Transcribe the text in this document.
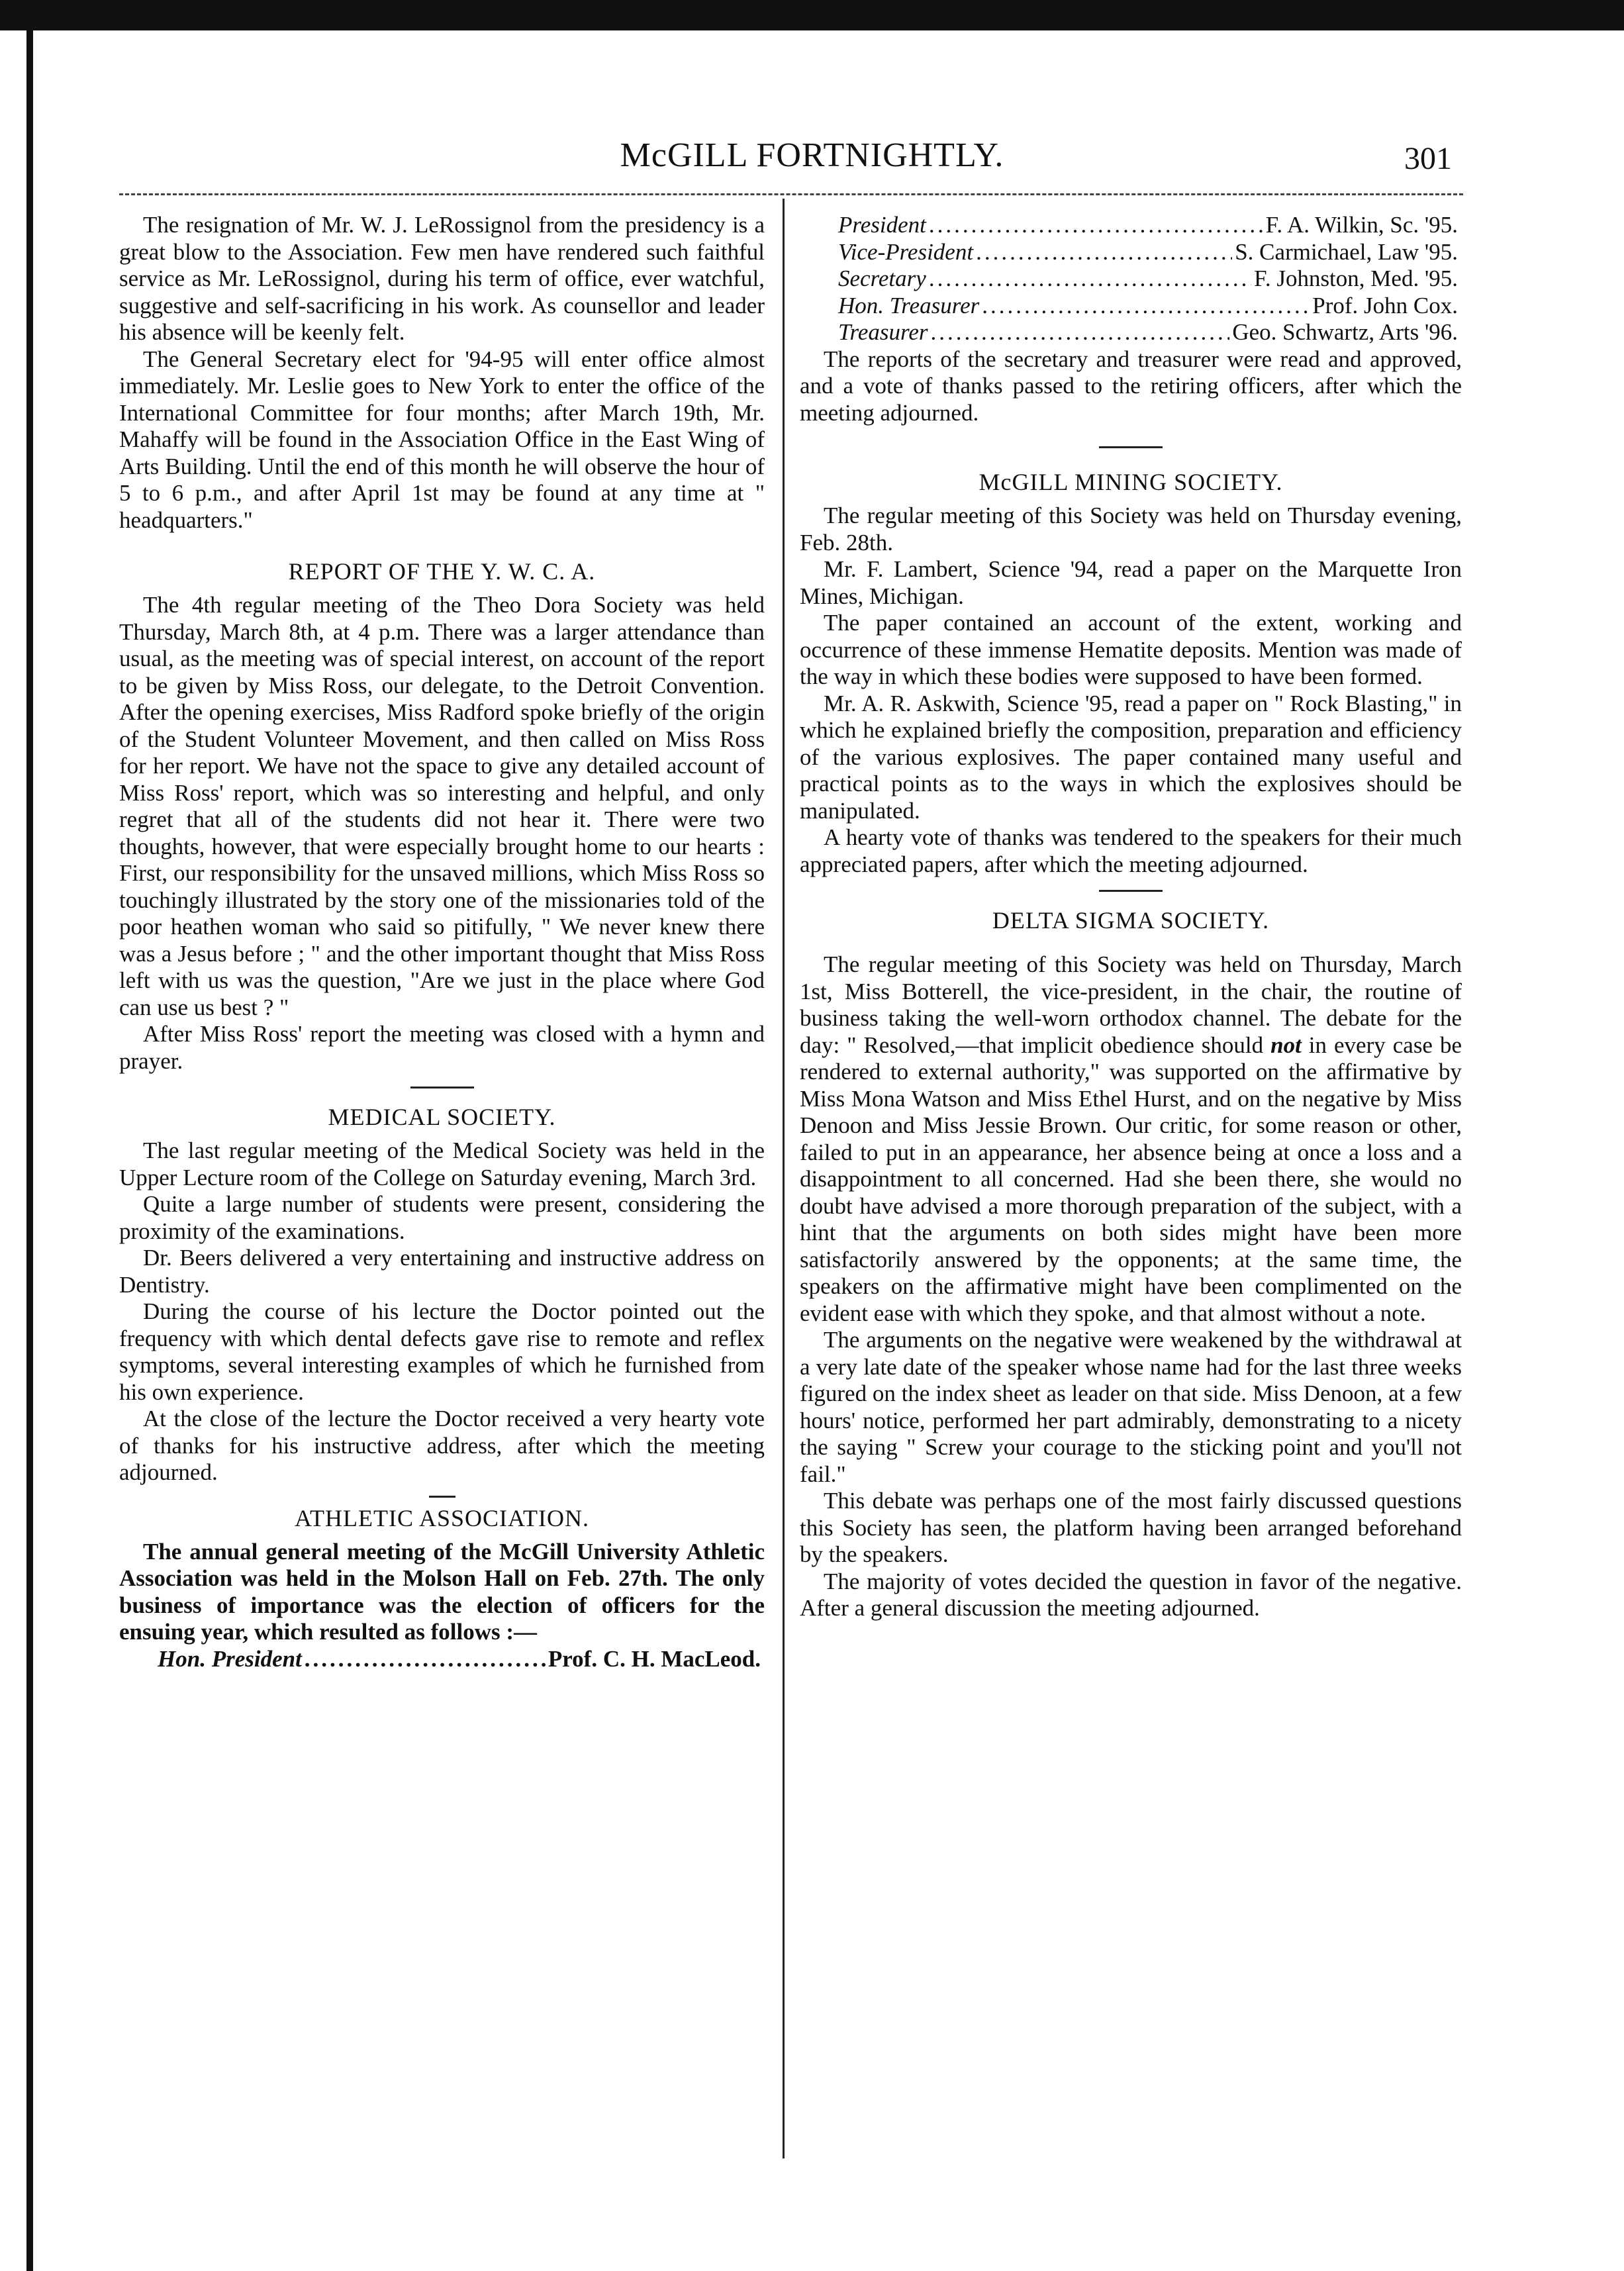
McGILL FORTNIGHTLY.	301

The resignation of Mr. W. J. LeRossignol from the presidency is a great blow to the Association. Few men have rendered such faithful service as Mr. LeRossignol, during his term of office, ever watchful, suggestive and self-sacrificing in his work. As counsellor and leader his absence will be keenly felt.

The General Secretary elect for '94-95 will enter office almost immediately. Mr. Leslie goes to New York to enter the office of the International Committee for four months; after March 19th, Mr. Mahaffy will be found in the Association Office in the East Wing of Arts Building. Until the end of this month he will observe the hour of 5 to 6 p.m., and after April 1st may be found at any time at " headquarters."

REPORT OF THE Y. W. C. A.

The 4th regular meeting of the Theo Dora Society was held Thursday, March 8th, at 4 p.m. There was a larger attendance than usual, as the meeting was of special interest, on account of the report to be given by Miss Ross, our delegate, to the Detroit Convention. After the opening exercises, Miss Radford spoke briefly of the origin of the Student Volunteer Movement, and then called on Miss Ross for her report. We have not the space to give any detailed account of Miss Ross' report, which was so interesting and helpful, and only regret that all of the students did not hear it. There were two thoughts, however, that were especially brought home to our hearts : First, our responsibility for the unsaved millions, which Miss Ross so touchingly illustrated by the story one of the missionaries told of the poor heathen woman who said so pitifully, " We never knew there was a Jesus before ; " and the other important thought that Miss Ross left with us was the question, "Are we just in the place where God can use us best ? "

After Miss Ross' report the meeting was closed with a hymn and prayer.

MEDICAL SOCIETY.

The last regular meeting of the Medical Society was held in the Upper Lecture room of the College on Saturday evening, March 3rd.

Quite a large number of students were present, considering the proximity of the examinations.

Dr. Beers delivered a very entertaining and instructive address on Dentistry.

During the course of his lecture the Doctor pointed out the frequency with which dental defects gave rise to remote and reflex symptoms, several interesting examples of which he furnished from his own experience.

At the close of the lecture the Doctor received a very hearty vote of thanks for his instructive address, after which the meeting adjourned.

ATHLETIC ASSOCIATION.

The annual general meeting of the McGill University Athletic Association was held in the Molson Hall on Feb. 27th. The only business of importance was the election of officers for the ensuing year, which resulted as follows :—

Hon. President .....	Prof. C. H. MacLeod.
President .....	F. A. Wilkin, Sc. '95.
Vice-President .....	S. Carmichael, Law '95.
Secretary .....	F. Johnston, Med. '95.
Hon. Treasurer .....	Prof. John Cox.
Treasurer .....	Geo. Schwartz, Arts '96.

The reports of the secretary and treasurer were read and approved, and a vote of thanks passed to the retiring officers, after which the meeting adjourned.

McGILL MINING SOCIETY.

The regular meeting of this Society was held on Thursday evening, Feb. 28th.

Mr. F. Lambert, Science '94, read a paper on the Marquette Iron Mines, Michigan.

The paper contained an account of the extent, working and occurrence of these immense Hematite deposits. Mention was made of the way in which these bodies were supposed to have been formed.

Mr. A. R. Askwith, Science '95, read a paper on " Rock Blasting," in which he explained briefly the composition, preparation and efficiency of the various explosives. The paper contained many useful and practical points as to the ways in which the explosives should be manipulated.

A hearty vote of thanks was tendered to the speakers for their much appreciated papers, after which the meeting adjourned.

DELTA SIGMA SOCIETY.

The regular meeting of this Society was held on Thursday, March 1st, Miss Botterell, the vice-president, in the chair, the routine of business taking the well-worn orthodox channel. The debate for the day: " Resolved,—that implicit obedience should not in every case be rendered to external authority," was supported on the affirmative by Miss Mona Watson and Miss Ethel Hurst, and on the negative by Miss Denoon and Miss Jessie Brown. Our critic, for some reason or other, failed to put in an appearance, her absence being at once a loss and a disappointment to all concerned. Had she been there, she would no doubt have advised a more thorough preparation of the subject, with a hint that the arguments on both sides might have been more satisfactorily answered by the opponents; at the same time, the speakers on the affirmative might have been complimented on the evident ease with which they spoke, and that almost without a note.

The arguments on the negative were weakened by the withdrawal at a very late date of the speaker whose name had for the last three weeks figured on the index sheet as leader on that side. Miss Denoon, at a few hours' notice, performed her part admirably, demonstrating to a nicety the saying " Screw your courage to the sticking point and you'll not fail."

This debate was perhaps one of the most fairly discussed questions this Society has seen, the platform having been arranged beforehand by the speakers.

The majority of votes decided the question in favor of the negative. After a general discussion the meeting adjourned.
